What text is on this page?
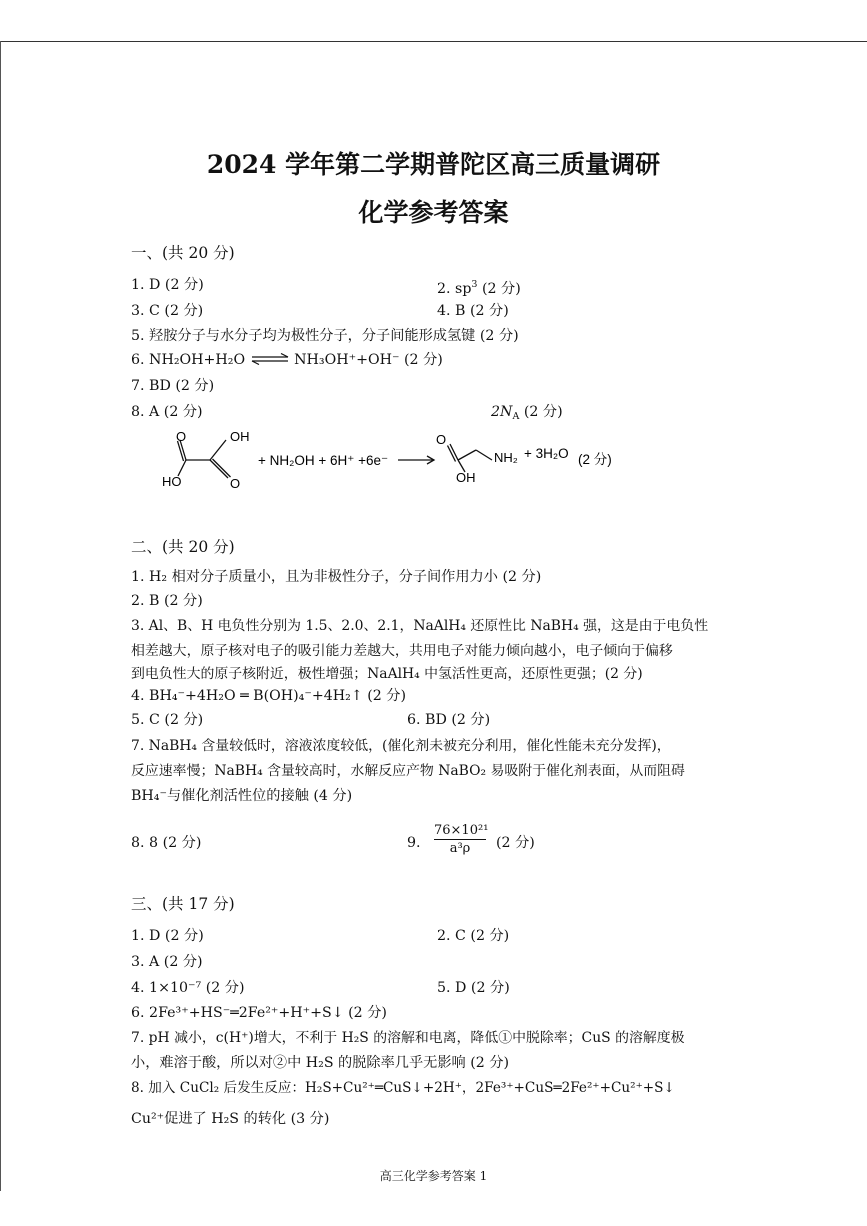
2024 学年第二学期普陀区高三质量调研
化学参考答案
一、(共 20 分)
1. D (2 分)	2. $sp^3$ (2 分)
3. C (2 分)	4. B (2 分)
5. 羟胺分子与水分子均为极性分子，分子间能形成氢键 (2 分)
6. NH₂OH+H₂O ⇌ NH₃OH⁺+OH⁻ (2 分)
7. BD (2 分)
8. A (2 分)	$2N_A$ (2 分)
O	OH
HO	O
+ NH₂OH + 6H⁺ +6e⁻
O
OH
NH₂ + 3H₂O (2 分)
二、(共 20 分)
1. H₂ 相对分子质量小，且为非极性分子，分子间作用力小 (2 分)
2. B (2 分)
3. Al、B、H 电负性分别为 1.5、2.0、2.1，NaAlH₄ 还原性比 NaBH₄ 强，这是由于电负性
相差越大，原子核对电子的吸引能力差越大，共用电子对能力倾向越小，电子倾向于偏移
到电负性大的原子核附近，极性增强；NaAlH₄ 中氢活性更高，还原性更强；(2 分)
4. BH₄⁻+4H₂O ═ B(OH)₄⁻+4H₂↑ (2 分)
5. C (2 分)	6. BD (2 分)
7. NaBH₄ 含量较低时，溶液浓度较低，(催化剂未被充分利用，催化性能未充分发挥)，
反应速率慢；NaBH₄ 含量较高时，水解反应产物 NaBO₂ 易吸附于催化剂表面，从而阻碍
BH₄⁻与催化剂活性位的接触 (4 分)
8. 8 (2 分)	9. $\frac{\text{76×10²¹}}{\text{a³ρ}} (2$ 分)
三、(共 17 分)
1. D (2 分)	2. C (2 分)
3. A (2 分)
4. 1×10⁻⁷ (2 分)	5. D (2 分)
6. 2Fe³⁺+HS⁻═2Fe²⁺+H⁺+S↓ (2 分)
7. pH 减小，c(H⁺)增大，不利于 H₂S 的溶解和电离，降低①中脱除率；CuS 的溶解度极
小，难溶于酸，所以对②中 H₂S 的脱除率几乎无影响 (2 分)
8. 加入 CuCl₂ 后发生反应：H₂S+Cu²⁺═CuS↓+2H⁺，2Fe³⁺+CuS═2Fe²⁺+Cu²⁺+S↓
Cu²⁺促进了 H₂S 的转化 (3 分)
高三化学参考答案 1
